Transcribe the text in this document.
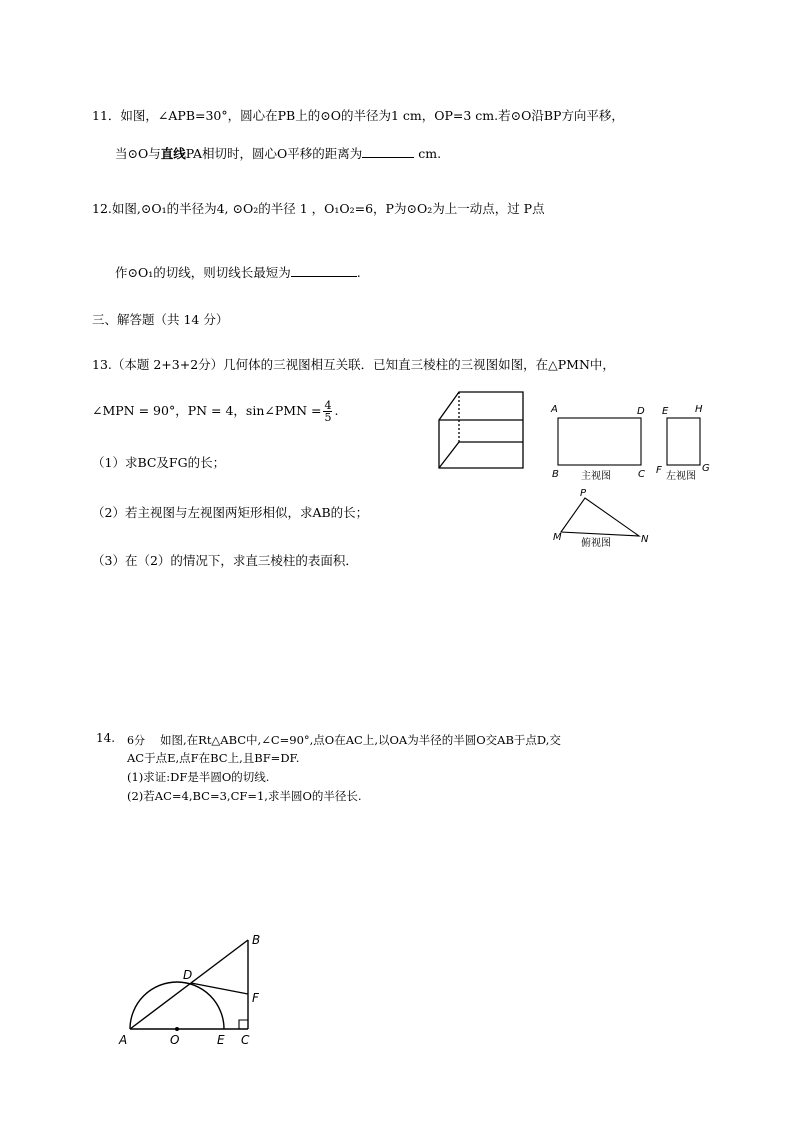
11．如图，∠APB=30°，圆心在PB上的⊙O的半径为1 cm，OP=3 cm.若⊙O沿BP方向平移，
当⊙O与直线PA相切时，圆心O平移的距离为	cm.
12.如图,⊙O₁的半径为4, ⊙O₂的半径 1 ，O₁O₂=6，P为⊙O₂为上一动点，过 P点
作⊙O₁的切线，则切线长最短为	.
三、解答题（共 14 分）
13.（本题 2+3+2分）几何体的三视图相互关联．已知直三棱柱的三视图如图，在△PMN中，
∠MPN = 90°，PN = 4，sin∠PMN = $\frac{4}{5}$ .
（1）求BC及FG的长；
（2）若主视图与左视图两矩形相似，求AB的长；
（3）在（2）的情况下，求直三棱柱的表面积．
A	D
B	C
主视图
E	H
F	G
左视图
P
M	N
俯视图
14. 6分 如图,在Rt△ABC中,∠C=90°,点O在AC上,以OA为半径的半圆O交AB于点D,交
AC于点E,点F在BC上,且BF=DF.
(1)求证:DF是半圆O的切线.
(2)若AC=4,BC=3,CF=1,求半圆O的半径长.
A	O	E C
B
D
F
